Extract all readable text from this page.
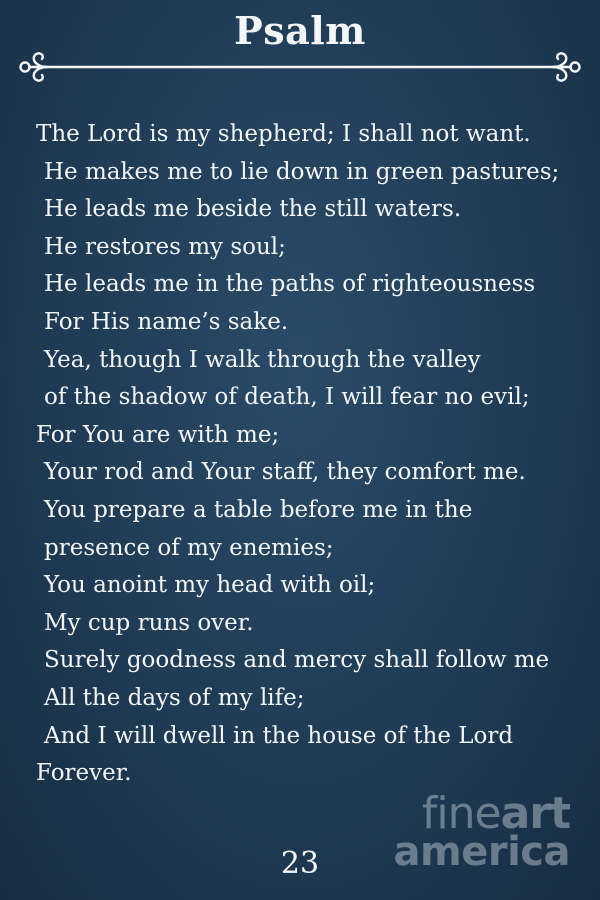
Psalm
The Lord is my shepherd; I shall not want.
He makes me to lie down in green pastures;
He leads me beside the still waters.
He restores my soul;
He leads me in the paths of righteousness
For His name’s sake.
Yea, though I walk through the valley
of the shadow of death, I will fear no evil;
For You are with me;
Your rod and Your staff, they comfort me.
You prepare a table before me in the
presence of my enemies;
You anoint my head with oil;
My cup runs over.
Surely goodness and mercy shall follow me
All the days of my life;
And I will dwell in the house of the Lord
Forever.
fineart
america
23
